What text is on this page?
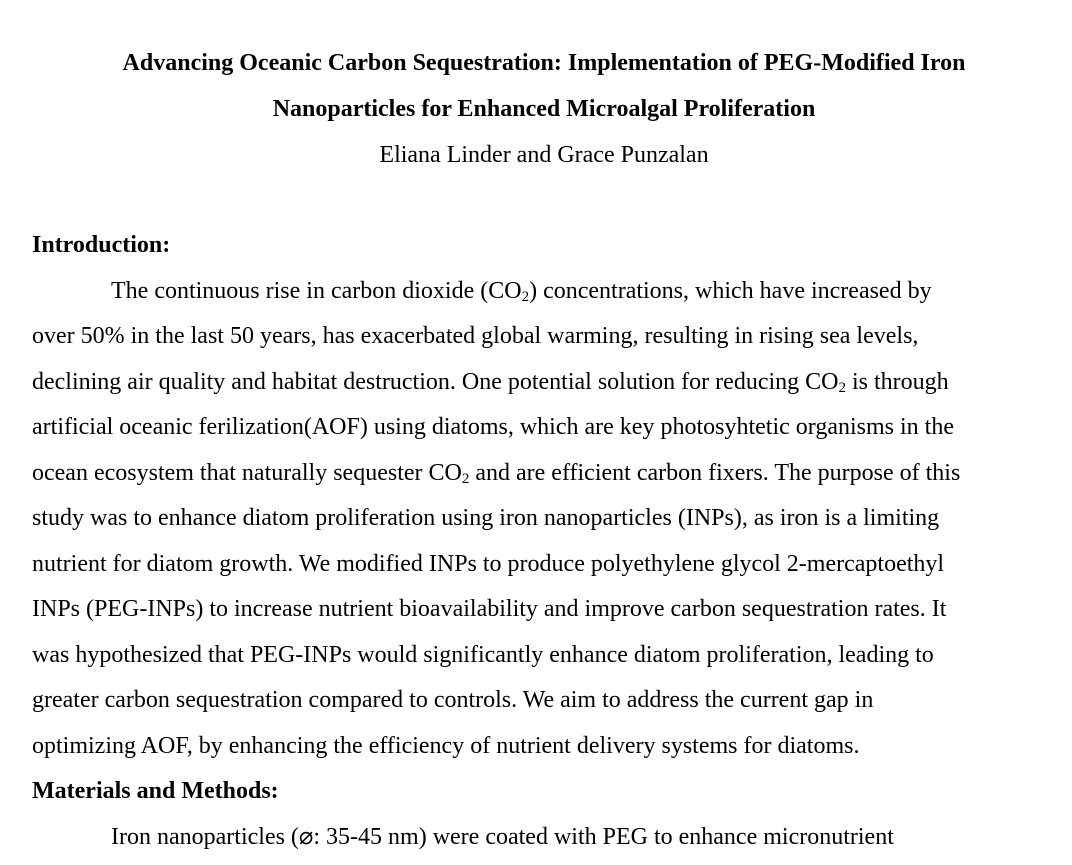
Advancing Oceanic Carbon Sequestration: Implementation of PEG-Modified Iron
Nanoparticles for Enhanced Microalgal Proliferation

Eliana Linder and Grace Punzalan

Introduction:

The continuous rise in carbon dioxide $(CO_2)$ concentrations, which have increased by
over 50% in the last 50 years, has exacerbated global warming, resulting in rising sea levels,
declining air quality and habitat destruction. One potential solution for reducing $CO_2$ is through
artificial oceanic ferilization(AOF) using diatoms, which are key photosyhtetic organisms in the
ocean ecosystem that naturally sequester $CO_2$ and are efficient carbon fixers. The purpose of this
study was to enhance diatom proliferation using iron nanoparticles (INPs), as iron is a limiting
nutrient for diatom growth. We modified INPs to produce polyethylene glycol 2-mercaptoethyl
INPs (PEG-INPs) to increase nutrient bioavailability and improve carbon sequestration rates. It
was hypothesized that PEG-INPs would significantly enhance diatom proliferation, leading to
greater carbon sequestration compared to controls. We aim to address the current gap in
optimizing AOF, by enhancing the efficiency of nutrient delivery systems for diatoms.

Materials and Methods:

Iron nanoparticles (⌀: 35-45 nm) were coated with PEG to enhance micronutrient
